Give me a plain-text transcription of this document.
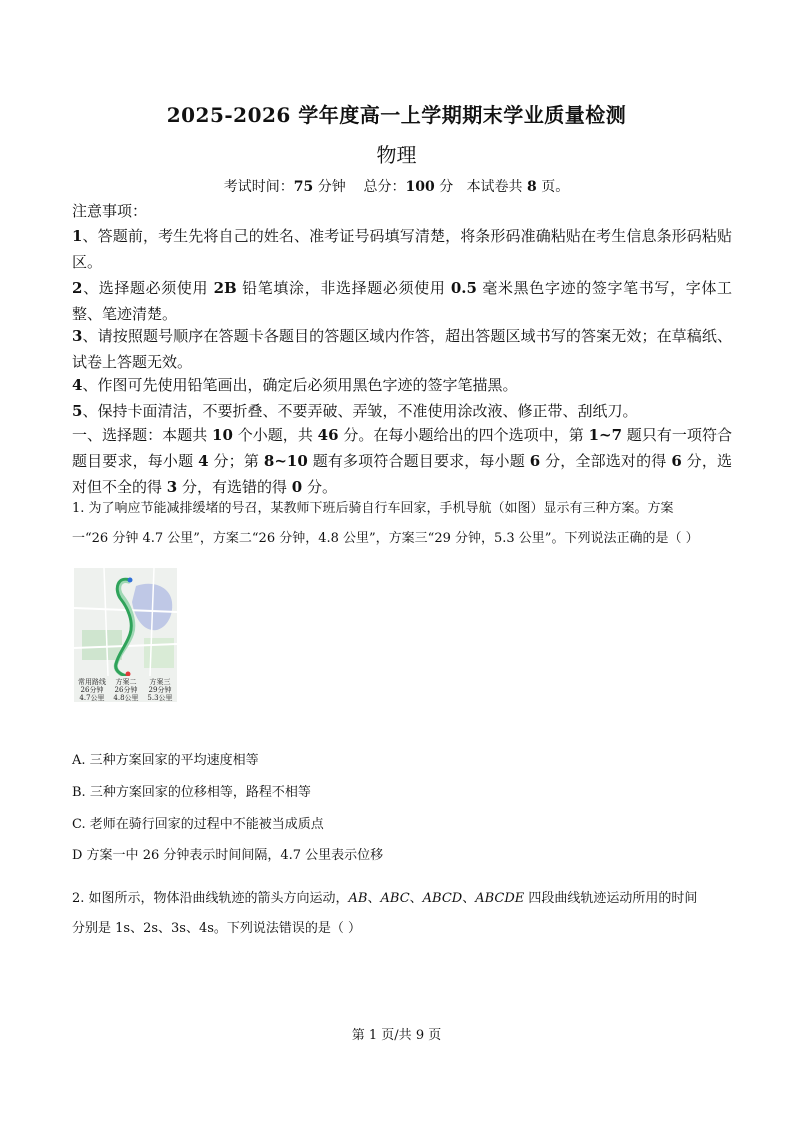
2025-2026 学年度高一上学期期末学业质量检测
物理
考试时间：75 分钟 总分：100 分 本试卷共 8 页。
注意事项：
1、答题前，考生先将自己的姓名、准考证号码填写清楚，将条形码准确粘贴在考生信息条形码粘贴区。
2、选择题必须使用 2B 铅笔填涂，非选择题必须使用 0.5 毫米黑色字迹的签字笔书写，字体工整、笔迹清楚。
3、请按照题号顺序在答题卡各题目的答题区域内作答，超出答题区域书写的答案无效；在草稿纸、试卷上答题无效。
4、作图可先使用铅笔画出，确定后必须用黑色字迹的签字笔描黑。
5、保持卡面清洁，不要折叠、不要弄破、弄皱，不准使用涂改液、修正带、刮纸刀。
一、选择题：本题共 10 个小题，共 46 分。在每小题给出的四个选项中，第 1~7 题只有一项符合题目要求，每小题 4 分；第 8~10 题有多项符合题目要求，每小题 6 分，全部选对的得 6 分，选对但不全的得 3 分，有选错的得 0 分。
1. 为了响应节能减排缓堵的号召，某教师下班后骑自行车回家，手机导航（如图）显示有三种方案。方案
一“26 分钟 4.7 公里”，方案二“26 分钟，4.8 公里”，方案三“29 分钟，5.3 公里”。下列说法正确的是（ ）
常用路线
26分钟
4.7公里
方案二
26分钟
4.8公里
方案三
29分钟
5.3公里
A. 三种方案回家的平均速度相等
B. 三种方案回家的位移相等，路程不相等
C. 老师在骑行回家的过程中不能被当成质点
D 方案一中 26 分钟表示时间间隔，4.7 公里表示位移
2. 如图所示，物体沿曲线轨迹的箭头方向运动，AB、ABC、ABCD、ABCDE 四段曲线轨迹运动所用的时间
分别是 1s、2s、3s、4s。下列说法错误的是（ ）
第 1 页/共 9 页
